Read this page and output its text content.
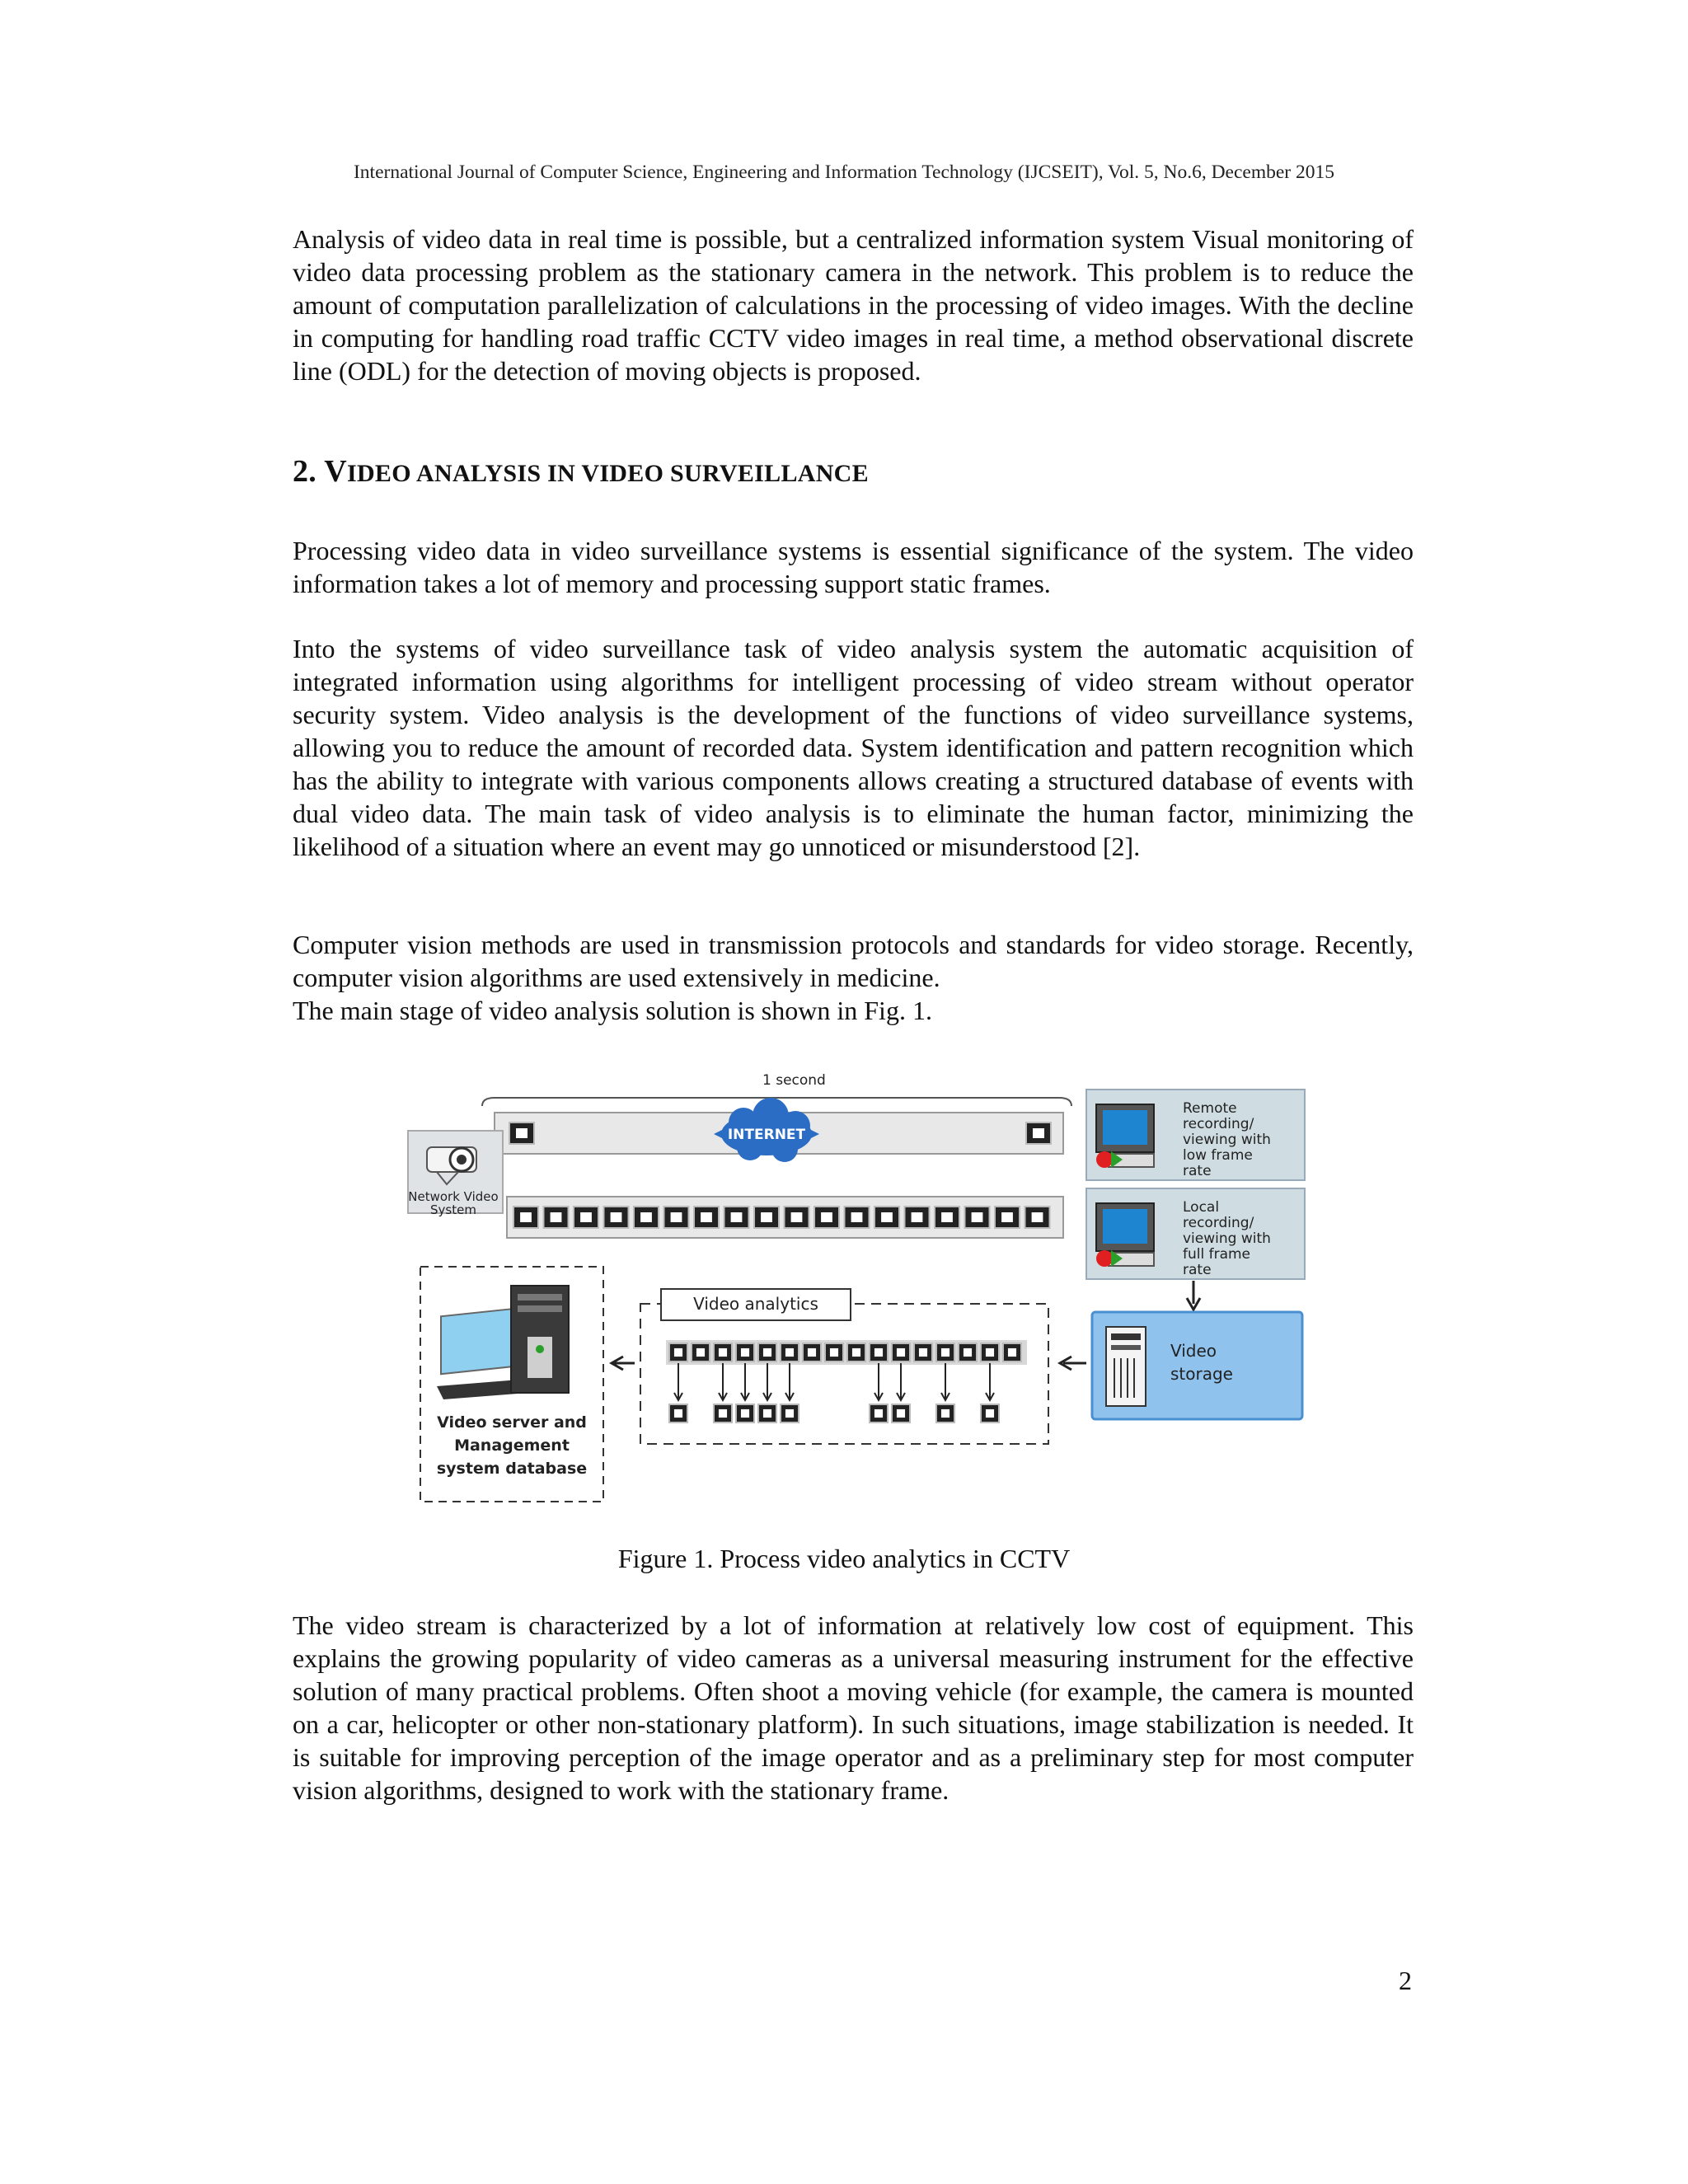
International Journal of Computer Science, Engineering and Information Technology (IJCSEIT), Vol. 5, No.6, December 2015

Analysis of video data in real time is possible, but a centralized information system Visual monitoring of video data processing problem as the stationary camera in the network. This problem is to reduce the amount of computation parallelization of calculations in the processing of video images. With the decline in computing for handling road traffic CCTV video images in real time, a method observational discrete line (ODL) for the detection of moving objects is proposed.

2. VIDEO ANALYSIS IN VIDEO SURVEILLANCE

Processing video data in video surveillance systems is essential significance of the system. The video information takes a lot of memory and processing support static frames.

Into the systems of video surveillance task of video analysis system the automatic acquisition of integrated information using algorithms for intelligent processing of video stream without operator security system. Video analysis is the development of the functions of video surveillance systems, allowing you to reduce the amount of recorded data. System identification and pattern recognition which has the ability to integrate with various components allows creating a structured database of events with dual video data. The main task of video analysis is to eliminate the human factor, minimizing the likelihood of a situation where an event may go unnoticed or misunderstood [2].

Computer vision methods are used in transmission protocols and standards for video storage. Recently, computer vision algorithms are used extensively in medicine.

The main stage of video analysis solution is shown in Fig. 1.

1 second
INTERNET
Network Video
System
Remote
recording/
viewing with
low frame
rate
Local
recording/
viewing with
full frame
rate
Video
storage
Video analytics
Video server and
Management
system database
Figure 1. Process video analytics in CCTV

The video stream is characterized by a lot of information at relatively low cost of equipment. This explains the growing popularity of video cameras as a universal measuring instrument for the effective solution of many practical problems. Often shoot a moving vehicle (for example, the camera is mounted on a car, helicopter or other non-stationary platform). In such situations, image stabilization is needed. It is suitable for improving perception of the image operator and as a preliminary step for most computer vision algorithms, designed to work with the stationary frame.

2
